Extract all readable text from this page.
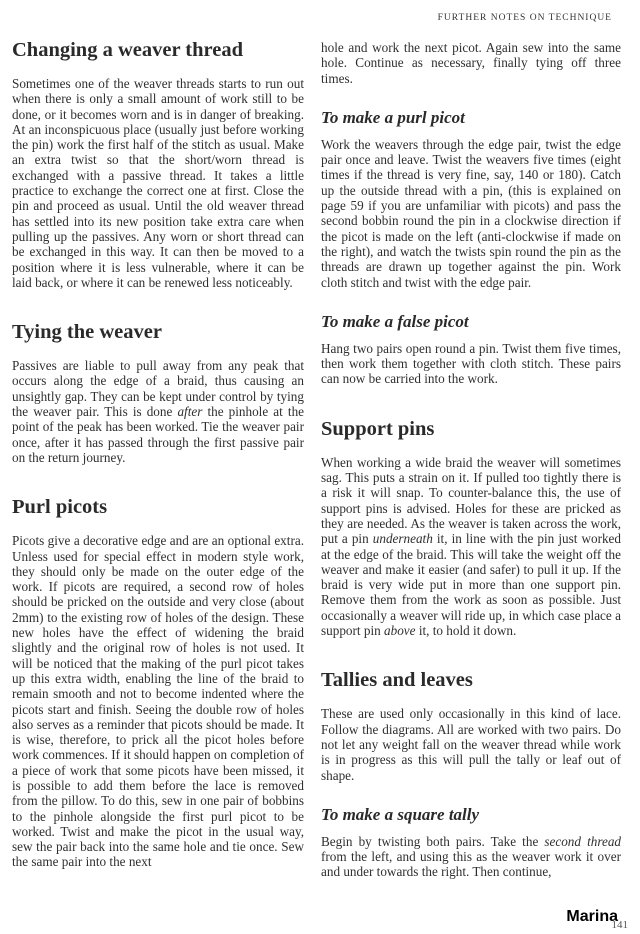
FURTHER NOTES ON TECHNIQUE
Changing a weaver thread

Sometimes one of the weaver threads starts to run out when there is only a small amount of work still to be done, or it becomes worn and is in danger of breaking. At an inconspicuous place (usually just before working the pin) work the first half of the stitch as usual. Make an extra twist so that the short/worn thread is exchanged with a passive thread. It takes a little practice to exchange the correct one at first. Close the pin and proceed as usual. Until the old weaver thread has settled into its new position take extra care when pulling up the passives. Any worn or short thread can be exchanged in this way. It can then be moved to a position where it is less vulnerable, where it can be laid back, or where it can be renewed less noticeably.

Tying the weaver

Passives are liable to pull away from any peak that occurs along the edge of a braid, thus causing an unsightly gap. They can be kept under control by tying the weaver pair. This is done after the pinhole at the point of the peak has been worked. Tie the weaver pair once, after it has passed through the first passive pair on the return journey.

Purl picots

Picots give a decorative edge and are an optional extra. Unless used for special effect in modern style work, they should only be made on the outer edge of the work. If picots are required, a second row of holes should be pricked on the outside and very close (about 2mm) to the existing row of holes of the design. These new holes have the effect of widening the braid slightly and the original row of holes is not used. It will be noticed that the making of the purl picot takes up this extra width, enabling the line of the braid to remain smooth and not to become indented where the picots start and finish. Seeing the double row of holes also serves as a reminder that picots should be made. It is wise, therefore, to prick all the picot holes before work commences. If it should happen on completion of a piece of work that some picots have been missed, it is possible to add them before the lace is removed from the pillow. To do this, sew in one pair of bobbins to the pinhole alongside the first purl picot to be worked. Twist and make the picot in the usual way, sew the pair back into the same hole and tie once. Sew the same pair into the next

hole and work the next picot. Again sew into the same hole. Continue as necessary, finally tying off three times.

To make a purl picot

Work the weavers through the edge pair, twist the edge pair once and leave. Twist the weavers five times (eight times if the thread is very fine, say, 140 or 180). Catch up the outside thread with a pin, (this is explained on page 59 if you are unfamiliar with picots) and pass the second bobbin round the pin in a clockwise direction if the picot is made on the left (anti-clockwise if made on the right), and watch the twists spin round the pin as the threads are drawn up together against the pin. Work cloth stitch and twist with the edge pair.

To make a false picot

Hang two pairs open round a pin. Twist them five times, then work them together with cloth stitch. These pairs can now be carried into the work.

Support pins

When working a wide braid the weaver will sometimes sag. This puts a strain on it. If pulled too tightly there is a risk it will snap. To counter-balance this, the use of support pins is advised. Holes for these are pricked as they are needed. As the weaver is taken across the work, put a pin underneath it, in line with the pin just worked at the edge of the braid. This will take the weight off the weaver and make it easier (and safer) to pull it up. If the braid is very wide put in more than one support pin. Remove them from the work as soon as possible. Just occasionally a weaver will ride up, in which case place a support pin above it, to hold it down.

Tallies and leaves

These are used only occasionally in this kind of lace. Follow the diagrams. All are worked with two pairs. Do not let any weight fall on the weaver thread while work is in progress as this will pull the tally or leaf out of shape.

To make a square tally

Begin by twisting both pairs. Take the second thread from the left, and using this as the weaver work it over and under towards the right. Then continue,

141
Marina
